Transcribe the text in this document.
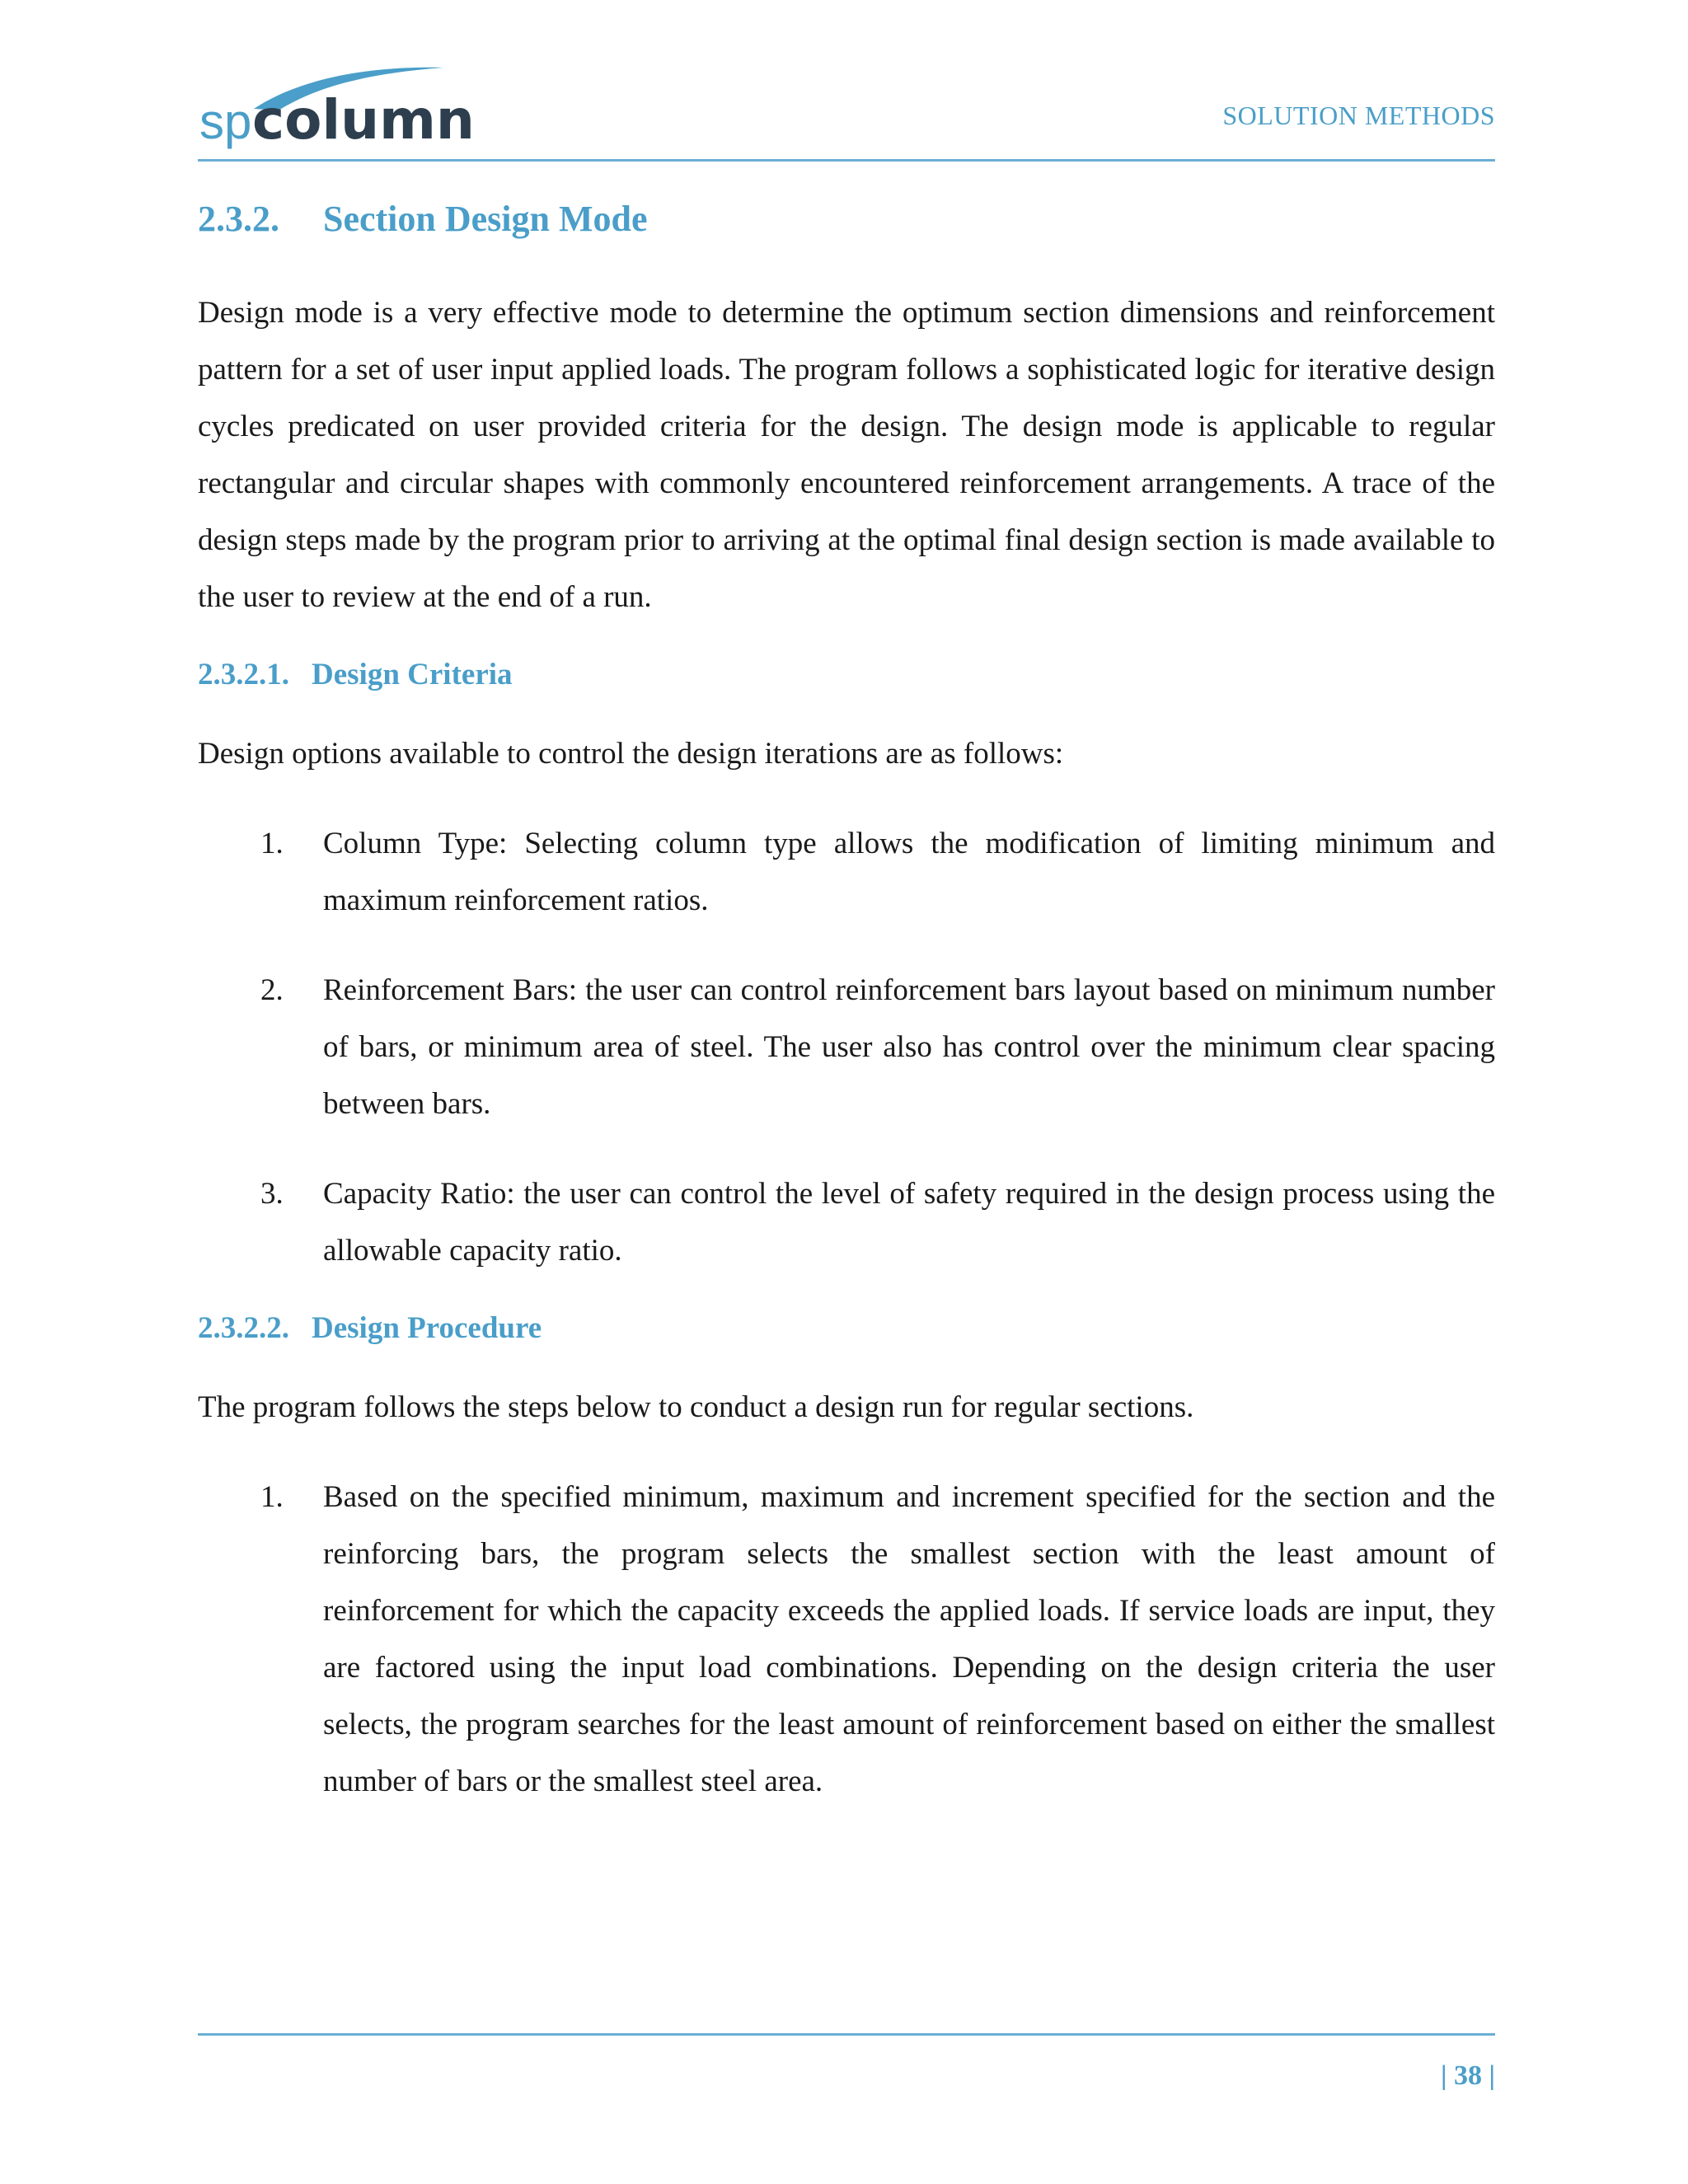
sp column	SOLUTION METHODS
2.3.2.	Section Design Mode

Design mode is a very effective mode to determine the optimum section dimensions and reinforcement pattern for a set of user input applied loads. The program follows a sophisticated logic for iterative design cycles predicated on user provided criteria for the design. The design mode is applicable to regular rectangular and circular shapes with commonly encountered reinforcement arrangements. A trace of the design steps made by the program prior to arriving at the optimal final design section is made available to the user to review at the end of a run.

2.3.2.1. Design Criteria

Design options available to control the design iterations are as follows:

1.	Column Type: Selecting column type allows the modification of limiting minimum and maximum reinforcement ratios.
2.	Reinforcement Bars: the user can control reinforcement bars layout based on minimum number of bars, or minimum area of steel. The user also has control over the minimum clear spacing between bars.
3.	Capacity Ratio: the user can control the level of safety required in the design process using the allowable capacity ratio.
2.3.2.2. Design Procedure

The program follows the steps below to conduct a design run for regular sections.

1.	Based on the specified minimum, maximum and increment specified for the section and the reinforcing bars, the program selects the smallest section with the least amount of reinforcement for which the capacity exceeds the applied loads. If service loads are input, they are factored using the input load combinations. Depending on the design criteria the user selects, the program searches for the least amount of reinforcement based on either the smallest number of bars or the smallest steel area.
| 38 |
